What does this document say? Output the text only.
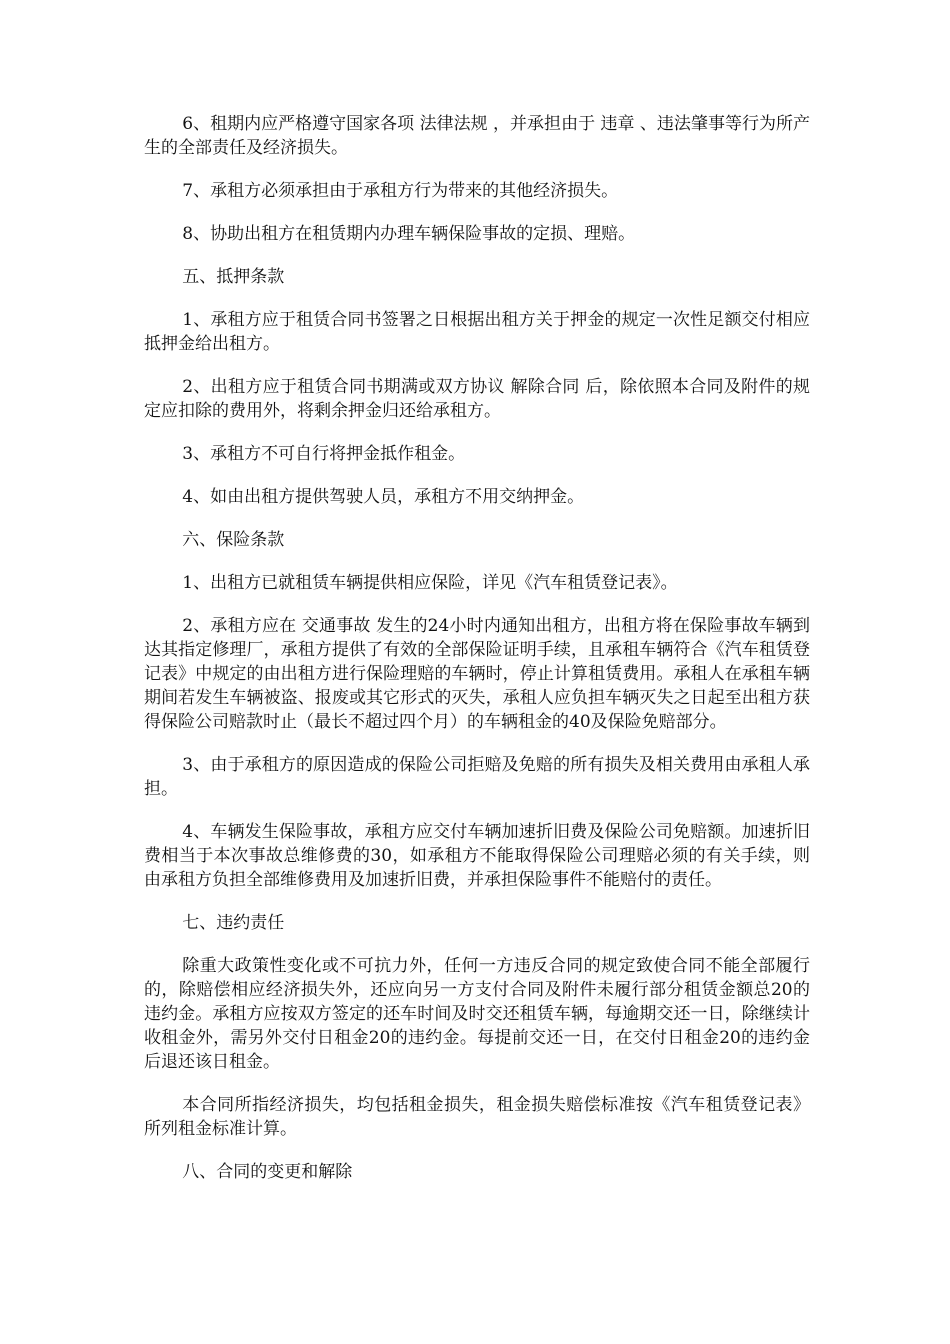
6、租期内应严格遵守国家各项 法律法规 ，并承担由于 违章 、违法肇事等行为所产生的全部责任及经济损失。

7、承租方必须承担由于承租方行为带来的其他经济损失。

8、协助出租方在租赁期内办理车辆保险事故的定损、理赔。

五、抵押条款

1、承租方应于租赁合同书签署之日根据出租方关于押金的规定一次性足额交付相应抵押金给出租方。

2、出租方应于租赁合同书期满或双方协议 解除合同 后，除依照本合同及附件的规定应扣除的费用外，将剩余押金归还给承租方。

3、承租方不可自行将押金抵作租金。

4、如由出租方提供驾驶人员，承租方不用交纳押金。

六、保险条款

1、出租方已就租赁车辆提供相应保险，详见《汽车租赁登记表》。

2、承租方应在 交通事故 发生的24小时内通知出租方，出租方将在保险事故车辆到达其指定修理厂，承租方提供了有效的全部保险证明手续，且承租车辆符合《汽车租赁登记表》中规定的由出租方进行保险理赔的车辆时，停止计算租赁费用。承租人在承租车辆期间若发生车辆被盗、报废或其它形式的灭失，承租人应负担车辆灭失之日起至出租方获得保险公司赔款时止（最长不超过四个月）的车辆租金的40及保险免赔部分。

3、由于承租方的原因造成的保险公司拒赔及免赔的所有损失及相关费用由承租人承担。

4、车辆发生保险事故，承租方应交付车辆加速折旧费及保险公司免赔额。加速折旧费相当于本次事故总维修费的30，如承租方不能取得保险公司理赔必须的有关手续，则由承租方负担全部维修费用及加速折旧费，并承担保险事件不能赔付的责任。

七、违约责任

除重大政策性变化或不可抗力外，任何一方违反合同的规定致使合同不能全部履行的，除赔偿相应经济损失外，还应向另一方支付合同及附件未履行部分租赁金额总20的违约金。承租方应按双方签定的还车时间及时交还租赁车辆，每逾期交还一日，除继续计收租金外，需另外交付日租金20的违约金。每提前交还一日，在交付日租金20的违约金后退还该日租金。

本合同所指经济损失，均包括租金损失，租金损失赔偿标准按《汽车租赁登记表》所列租金标准计算。

八、合同的变更和解除
